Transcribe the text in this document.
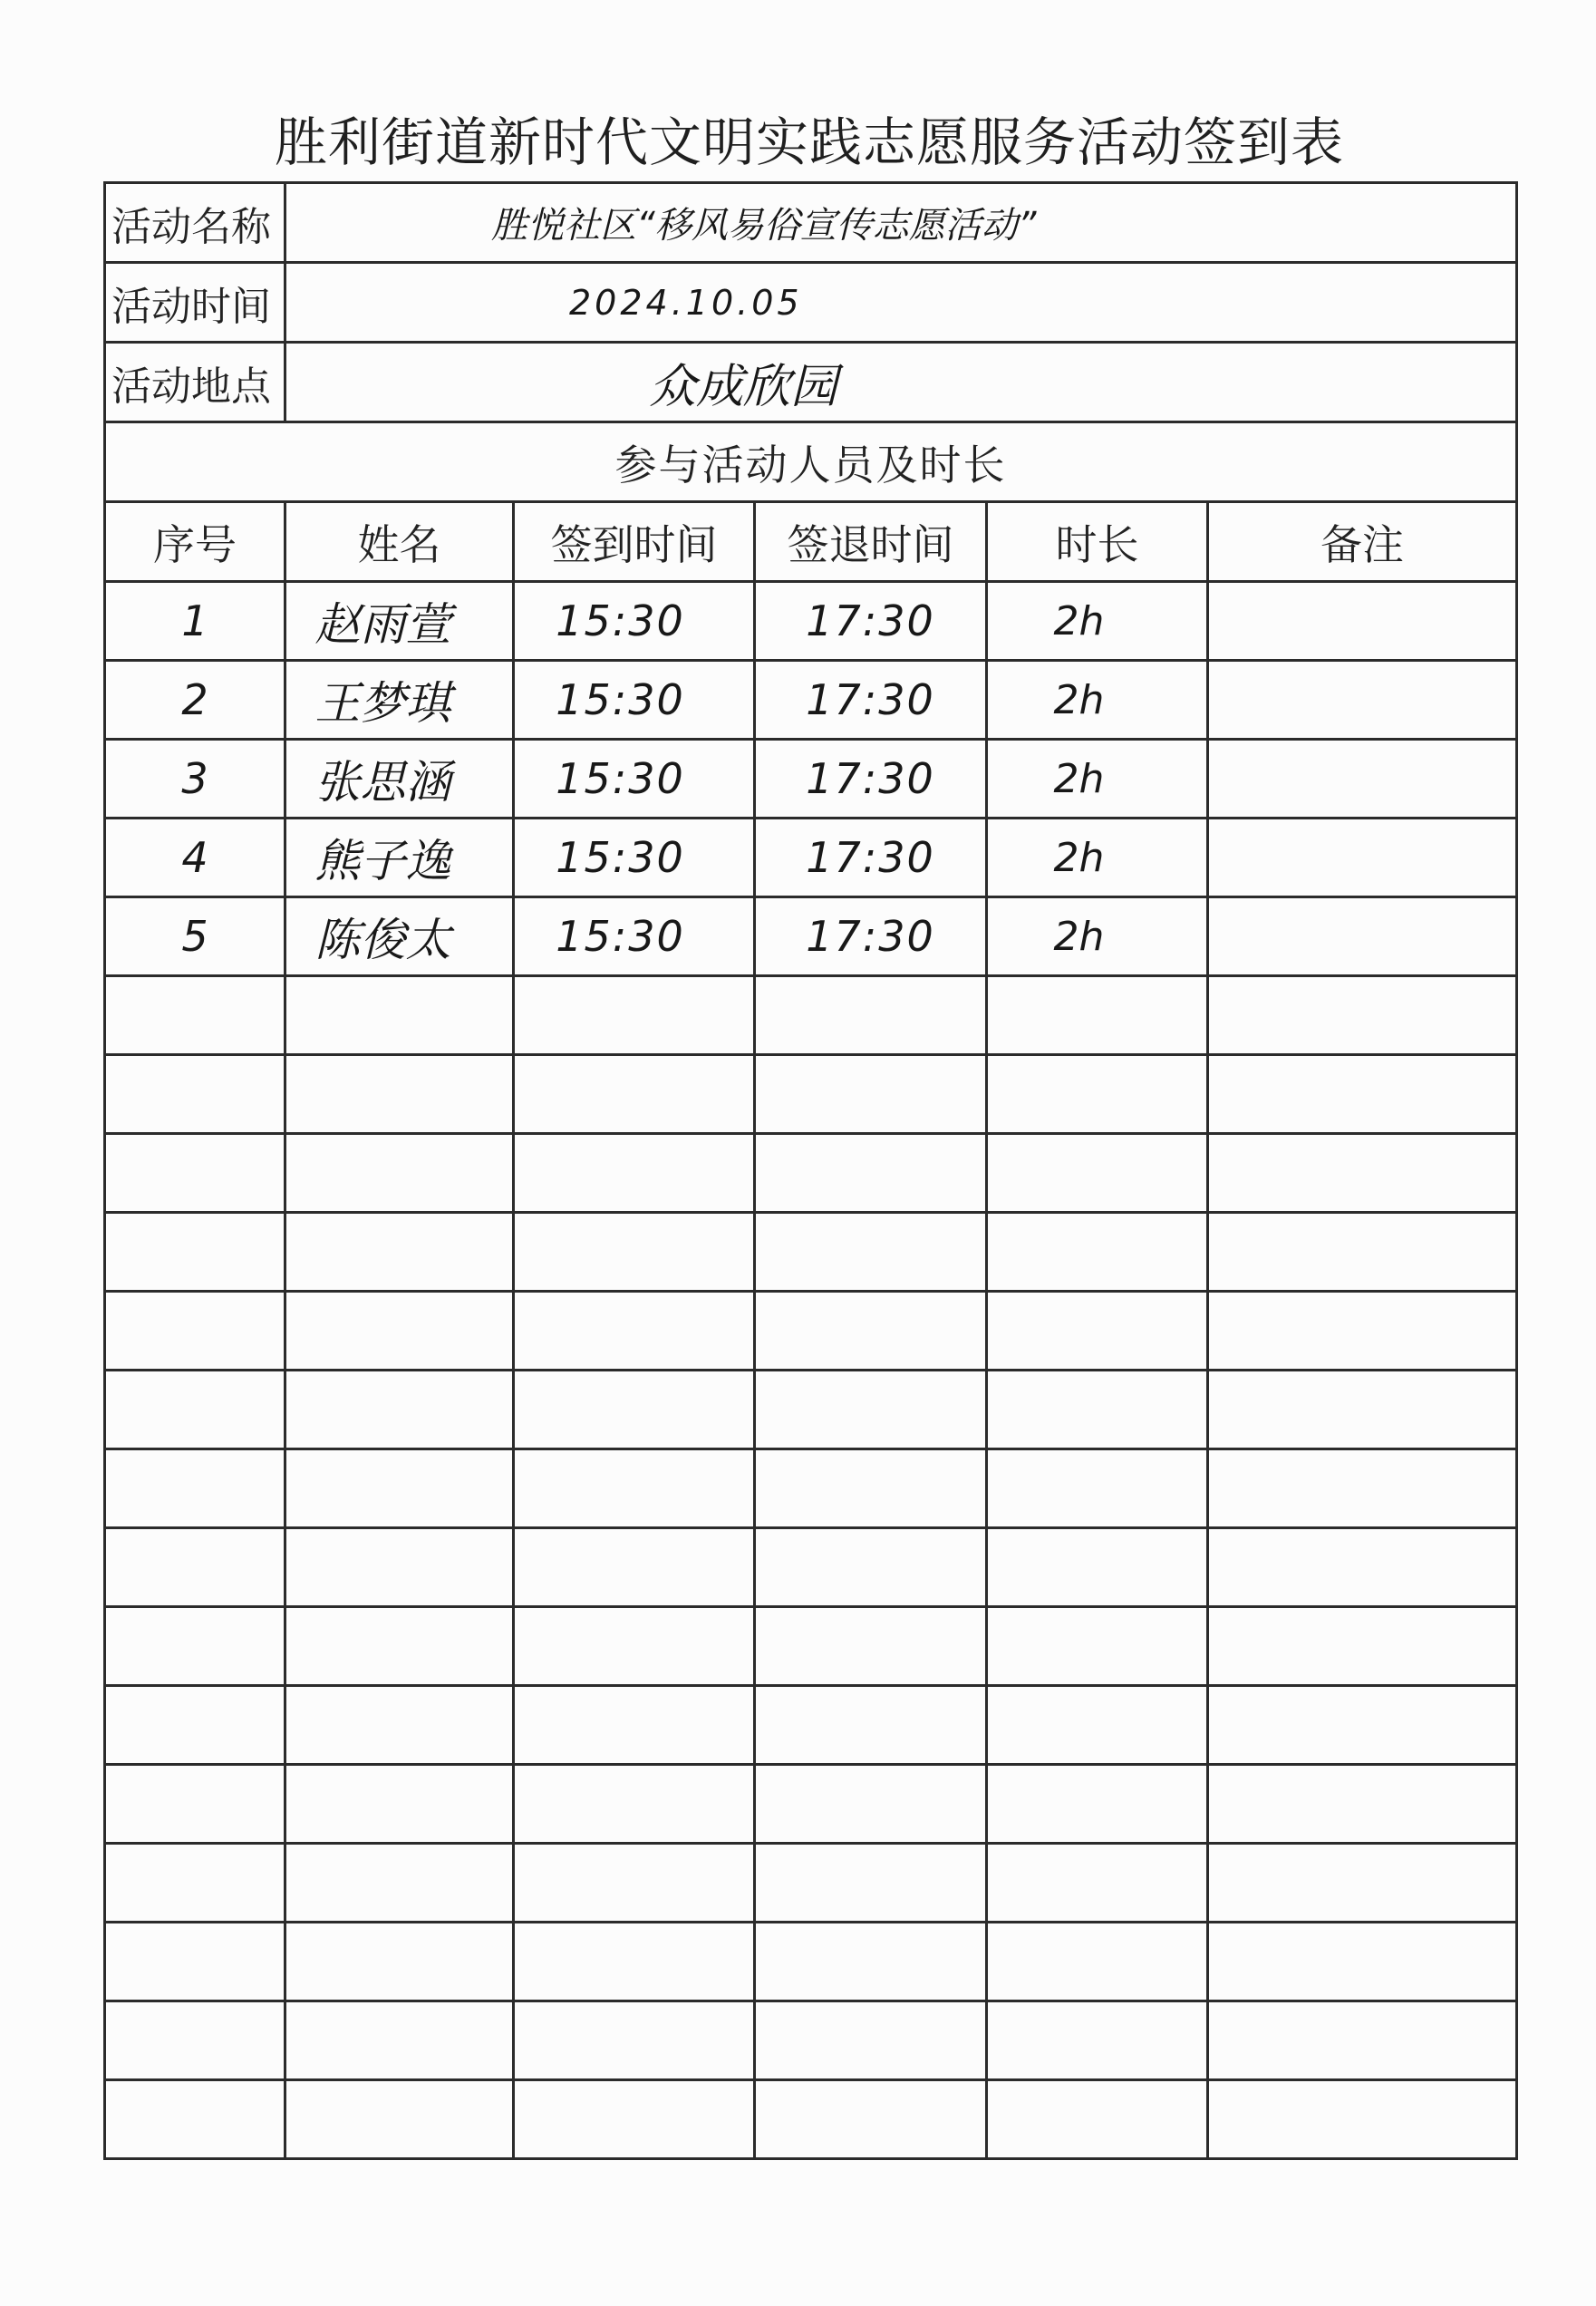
胜利街道新时代文明实践志愿服务活动签到表
活动名称	胜悦社区“移风易俗宣传志愿活动”				
活动时间	2024.10.05				
活动地点	众成欣园				
参与活动人员及时长					
序号	姓名	签到时间	签退时间	时长	备注
1	赵雨萱	15:30	17:30	2h	
2	王梦琪	15:30	17:30	2h	
3	张思涵	15:30	17:30	2h	
4	熊子逸	15:30	17:30	2h	
5	陈俊太	15:30	17:30	2h	
